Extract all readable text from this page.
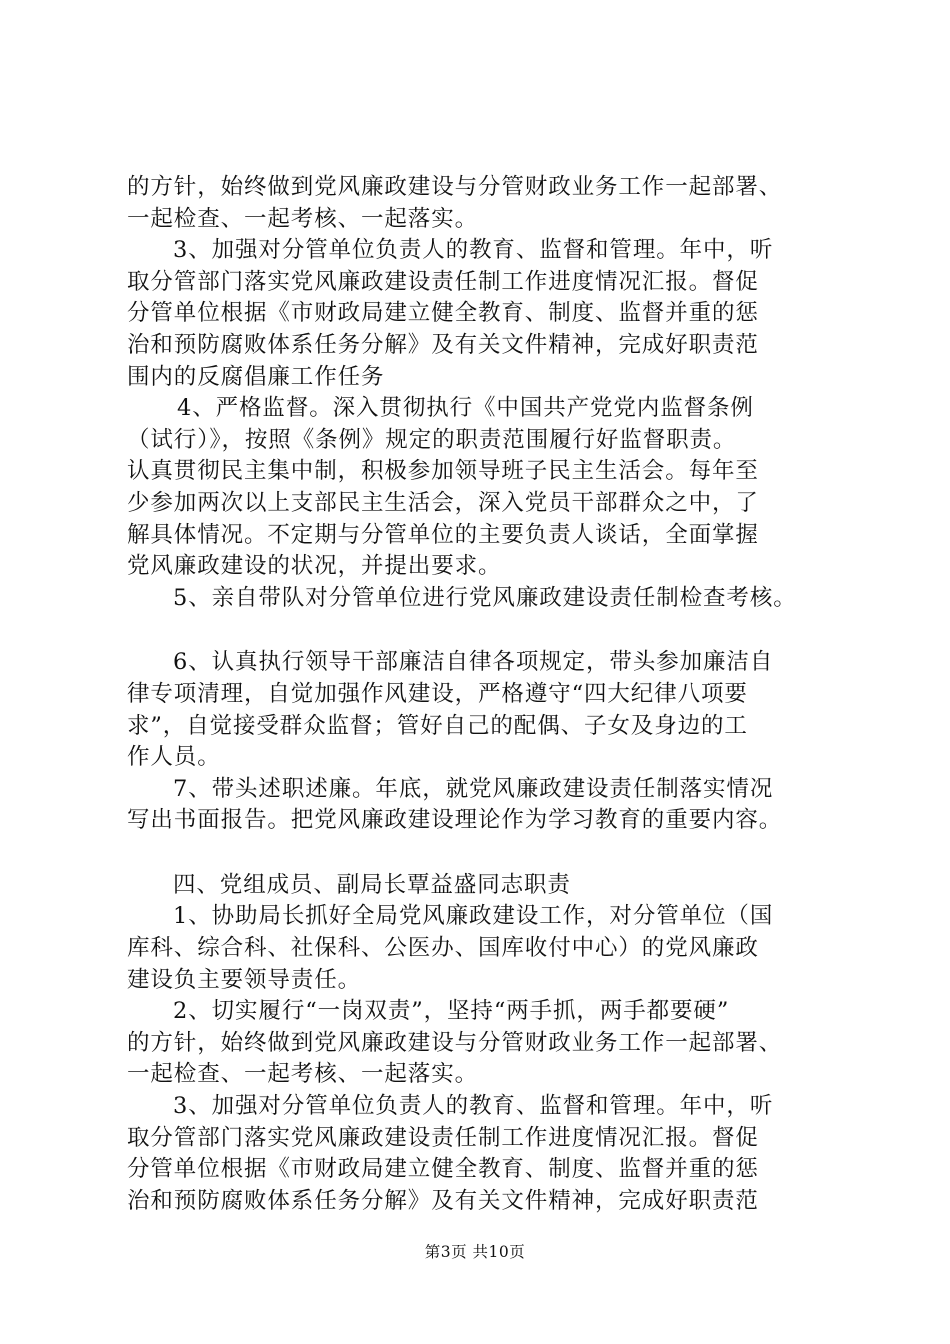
的方针，始终做到党风廉政建设与分管财政业务工作一起部署、
一起检查、一起考核、一起落实。
3、加强对分管单位负责人的教育、监督和管理。年中，听
取分管部门落实党风廉政建设责任制工作进度情况汇报。督促
分管单位根据《市财政局建立健全教育、制度、监督并重的惩
治和预防腐败体系任务分解》及有关文件精神，完成好职责范
围内的反腐倡廉工作任务
4、严格监督。深入贯彻执行《中国共产党党内监督条例
（试行）》，按照《条例》规定的职责范围履行好监督职责。
认真贯彻民主集中制，积极参加领导班子民主生活会。每年至
少参加两次以上支部民主生活会，深入党员干部群众之中，了
解具体情况。不定期与分管单位的主要负责人谈话，全面掌握
党风廉政建设的状况，并提出要求。
5、亲自带队对分管单位进行党风廉政建设责任制检查考核。
6、认真执行领导干部廉洁自律各项规定，带头参加廉洁自
律专项清理，自觉加强作风建设，严格遵守“四大纪律八项要
求”，自觉接受群众监督；管好自己的配偶、子女及身边的工
作人员。
7、带头述职述廉。年底，就党风廉政建设责任制落实情况
写出书面报告。把党风廉政建设理论作为学习教育的重要内容。
四、党组成员、副局长覃益盛同志职责
1、协助局长抓好全局党风廉政建设工作，对分管单位（国
库科、综合科、社保科、公医办、国库收付中心）的党风廉政
建设负主要领导责任。
2、切实履行“一岗双责”，坚持“两手抓，两手都要硬”
的方针，始终做到党风廉政建设与分管财政业务工作一起部署、
一起检查、一起考核、一起落实。
3、加强对分管单位负责人的教育、监督和管理。年中，听
取分管部门落实党风廉政建设责任制工作进度情况汇报。督促
分管单位根据《市财政局建立健全教育、制度、监督并重的惩
治和预防腐败体系任务分解》及有关文件精神，完成好职责范
第3页 共10页
